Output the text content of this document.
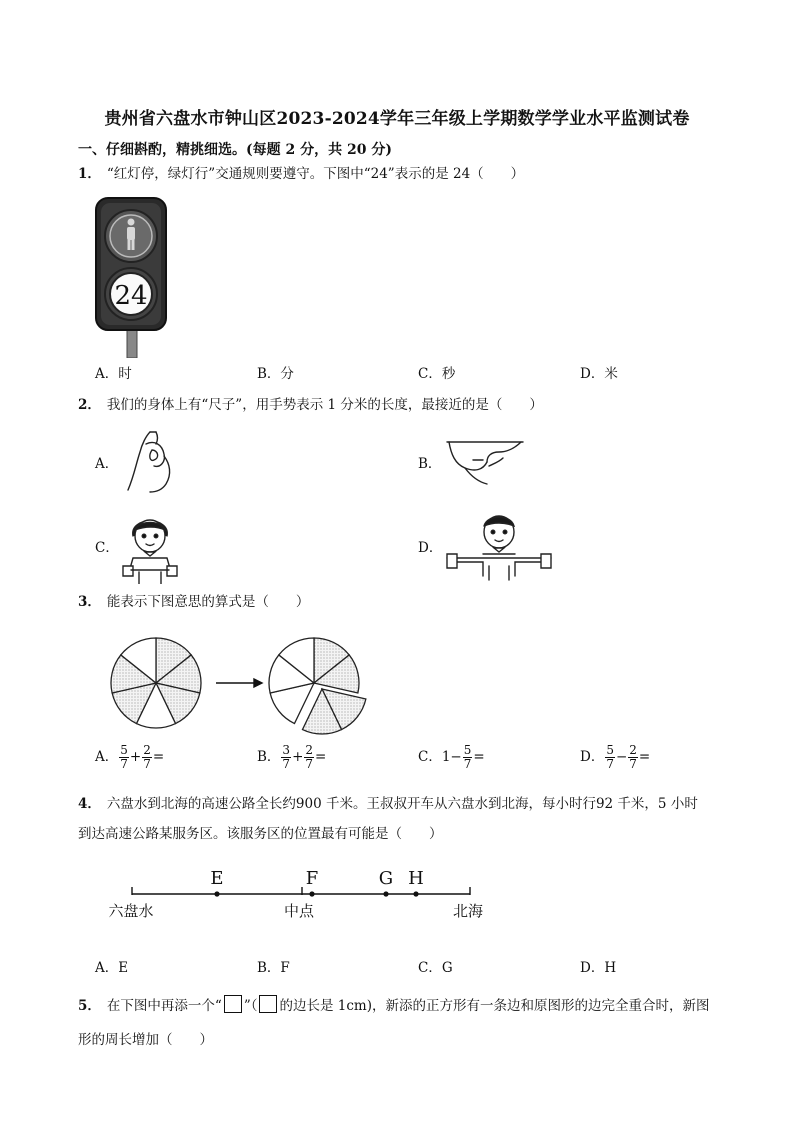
贵州省六盘水市钟山区2023-2024学年三年级上学期数学学业水平监测试卷
一、仔细斟酌，精挑细选。(每题 2 分，共 20 分)
1． “红灯停，绿灯行”交通规则要遵守。下图中“24”表示的是 24（　　）
24
A．时	B．分	C．秒	D．米
2． 我们的身体上有“尺子”，用手势表示 1 分米的长度，最接近的是（　　）
A．	B．
C．	D．
3． 能表示下图意思的算式是（　　）
A． $\frac{5}{7} + \frac{2}{7}$ =	B． $\frac{3}{7} + \frac{2}{7}$ =	C．$1- \frac{5}{7}$ =	D． $\frac{5}{7} - \frac{2}{7}$ =
4． 六盘水到北海的高速公路全长约900 千米。王叔叔开车从六盘水到北海，每小时行92 千米，5 小时
到达高速公路某服务区。该服务区的位置最有可能是（　　）
E	F	G H
六盘水	中点	北海
A．E	B．F	C．G	D．H
5． 在下图中再添一个“ ”（ 的边长是 1cm)，新添的正方形有一条边和原图形的边完全重合时，新图
形的周长增加（　　）
